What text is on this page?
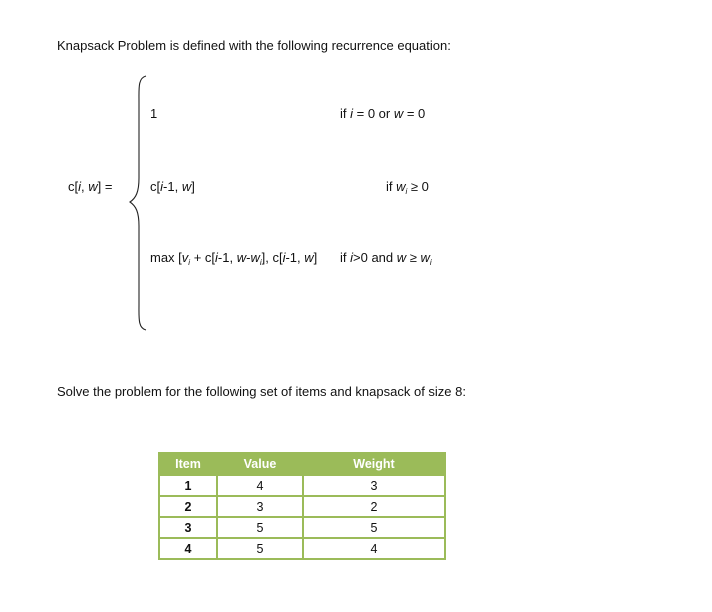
Knapsack Problem is defined with the following recurrence equation:
c[i, w] =
1	if i = 0 or w = 0
c[i-1, w]	if $w_i \ge 0$
$\max [v_i + c[i-1$, $w-w_i$], c[i-1, w] if i>0 and $w \ge w_i$
Solve the problem for the following set of items and knapsack of size 8:
Item	Value	Weight
1	4	3
2	3	2
3	5	5
4	5	4
